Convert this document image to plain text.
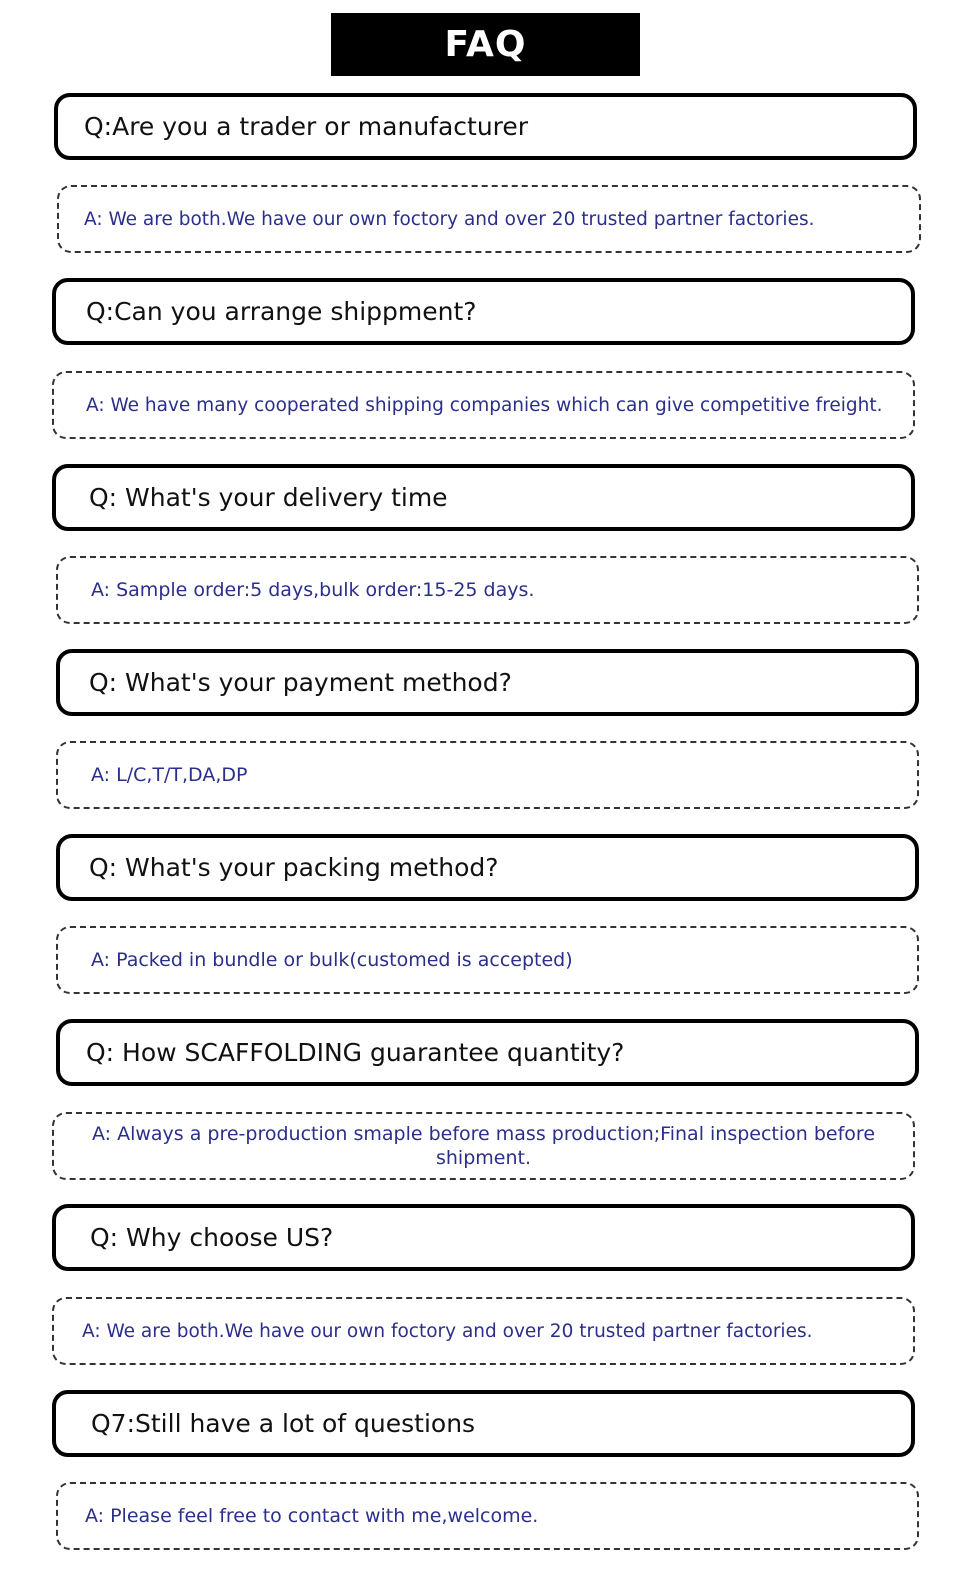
FAQ
Q:Are you a trader or manufacturer
A: We are both.We have our own foctory and over 20 trusted partner factories.
Q:Can you arrange shippment?
A: We have many cooperated shipping companies which can give competitive freight.
Q: What's your delivery time
A: Sample order:5 days,bulk order:15-25 days.
Q: What's your payment method?
A: L/C,T/T,DA,DP
Q: What's your packing method?
A: Packed in bundle or bulk(customed is accepted)
Q: How SCAFFOLDING guarantee quantity?
A: Always a pre-production smaple before mass production;Final inspection before shipment.
Q: Why choose US?
A: We are both.We have our own foctory and over 20 trusted partner factories.
Q7:Still have a lot of questions
A: Please feel free to contact with me,welcome.
